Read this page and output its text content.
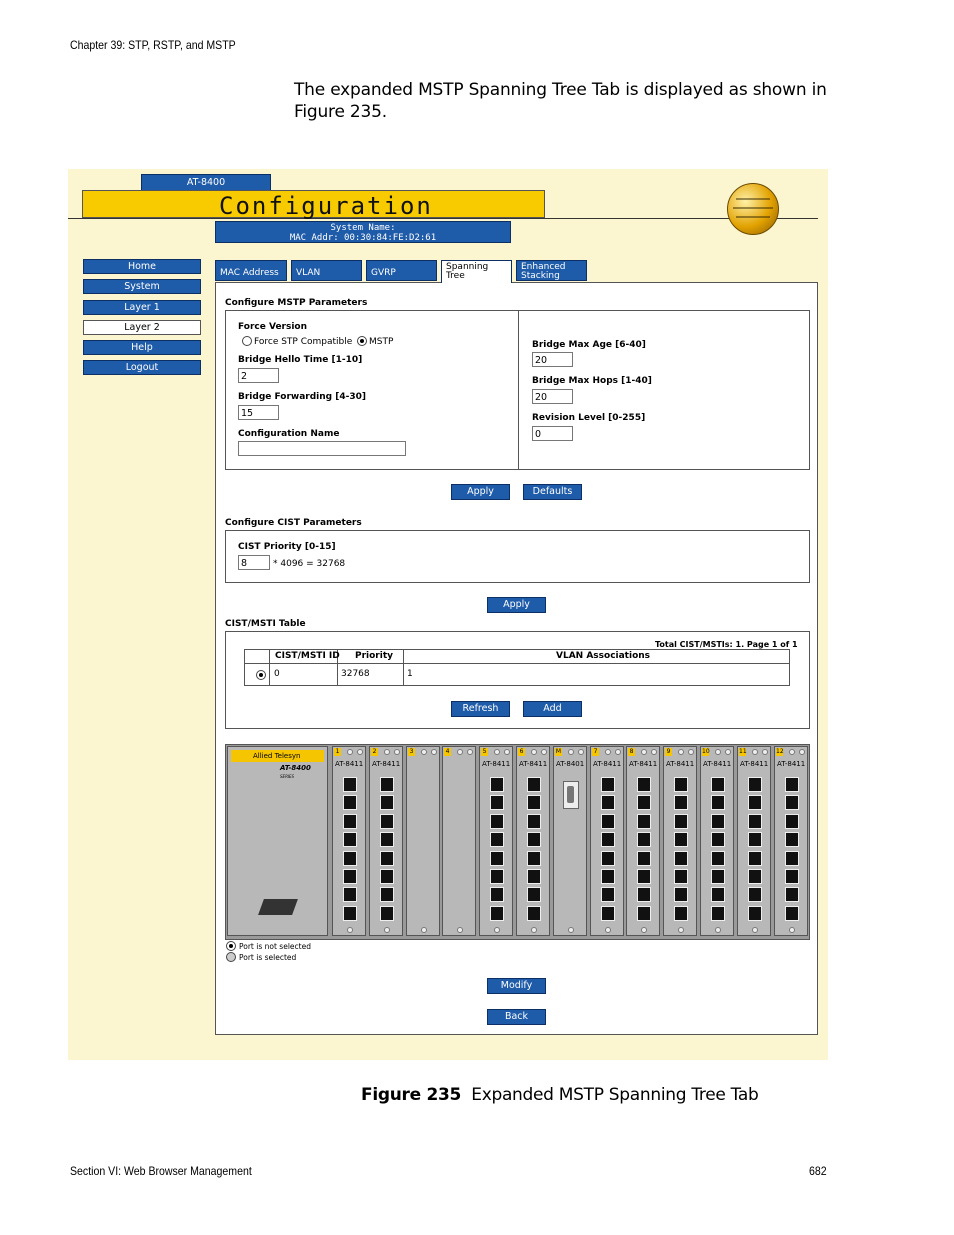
Chapter 39: STP, RSTP, and MSTP
The expanded MSTP Spanning Tree Tab is displayed as shown in
Figure 235.
AT-8400
Configuration
System Name:
MAC Addr: 00:30:84:FE:D2:61
Home
System
Layer 1
Layer 2
Help
Logout
MAC Address VLAN	GVRP
Spanning
Tree
Enhanced
Stacking
Configure MSTP Parameters
Force Version
Force STP Compatible MSTP
Bridge Hello Time [1-10]
2
Bridge Forwarding [4-30]
15
Configuration Name
Bridge Max Age [6-40]
20
Bridge Max Hops [1-40]
20
Revision Level [0-255]
0
Apply	Defaults
Configure CIST Parameters
CIST Priority [0-15]
8	* 4096 = 32768
Apply
CIST/MSTI Table
Total CIST/MSTIs: 1. Page 1 of 1
CIST/MSTI ID Priority	VLAN Associations
0	32768	1
Refresh	Add
Allied Telesyn
AT-8400 SERIES
1
AT-8411
2
AT-8411
3	4	5
AT-8411
6
AT-8411
M
AT-8401
7
AT-8411
8
AT-8411
9
AT-8411
10
AT-8411
11
AT-8411
12
AT-8411
Port is not selected
Port is selected
Modify
Back
Figure 235 Expanded MSTP Spanning Tree Tab
Section VI: Web Browser Management	682
